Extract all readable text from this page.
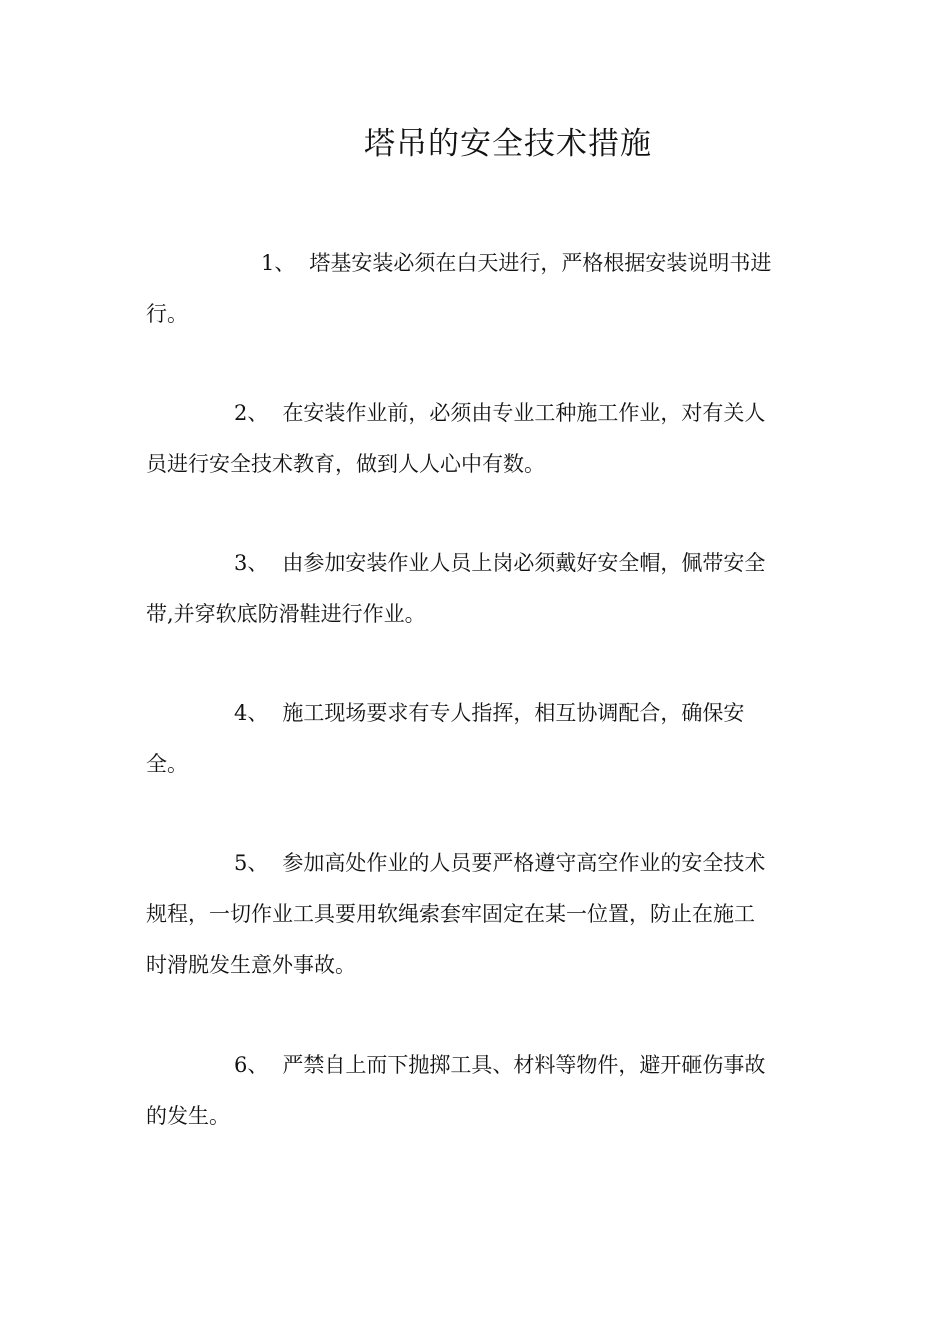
塔吊的安全技术措施
1、 塔基安装必须在白天进行，严格根据安装说明书进
行。
2、 在安装作业前，必须由专业工种施工作业，对有关人
员进行安全技术教育，做到人人心中有数。
3、 由参加安装作业人员上岗必须戴好安全帽，佩带安全
带,并穿软底防滑鞋进行作业。
4、 施工现场要求有专人指挥，相互协调配合，确保安
全。
5、 参加高处作业的人员要严格遵守高空作业的安全技术
规程，一切作业工具要用软绳索套牢固定在某一位置，防止在施工
时滑脱发生意外事故。
6、 严禁自上而下抛掷工具、材料等物件，避开砸伤事故
的发生。
